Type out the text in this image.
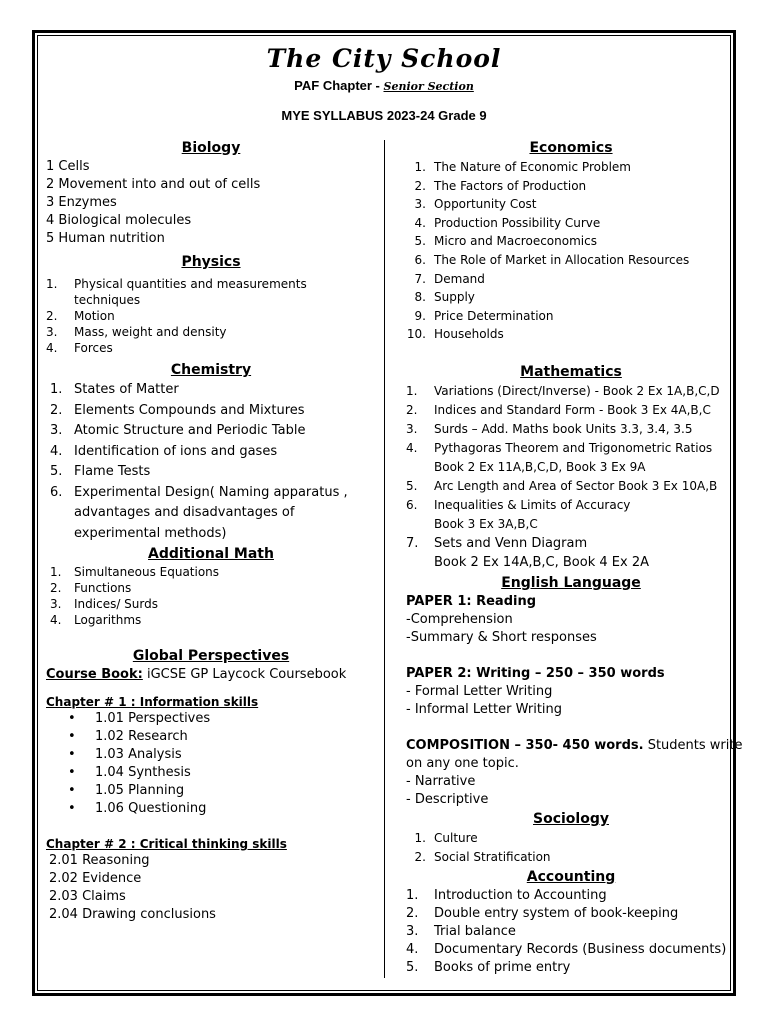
The City School
PAF Chapter - Senior Section
MYE SYLLABUS 2023-24 Grade 9
Biology
1 Cells
2 Movement into and out of cells
3 Enzymes
4 Biological molecules
5 Human nutrition
Physics
1.	Physical quantities and measurements techniques
2.	Motion
3.	Mass, weight and density
4.	Forces
Chemistry
1. States of Matter
2. Elements Compounds and Mixtures
3. Atomic Structure and Periodic Table
4. Identification of ions and gases
5. Flame Tests
6. Experimental Design( Naming apparatus , advantages and disadvantages of experimental methods)
Additional Math
1.	Simultaneous Equations
2.	Functions
3.	Indices/ Surds
4.	Logarithms
Global Perspectives
Course Book: iGCSE GP Laycock Coursebook
Chapter # 1 : Information skills
•	1.01 Perspectives
•	1.02 Research
•	1.03 Analysis
•	1.04 Synthesis
•	1.05 Planning
•	1.06 Questioning
Chapter # 2 : Critical thinking skills
2.01 Reasoning
2.02 Evidence
2.03 Claims
2.04 Drawing conclusions
Economics
1. The Nature of Economic Problem
2. The Factors of Production
3. Opportunity Cost
4. Production Possibility Curve
5. Micro and Macroeconomics
6. The Role of Market in Allocation Resources
7. Demand
8. Supply
9. Price Determination
10. Households
Mathematics
1.	Variations (Direct/Inverse) - Book 2 Ex 1A,B,C,D
2.	Indices and Standard Form - Book 3 Ex 4A,B,C
3.	Surds – Add. Maths book Units 3.3, 3.4, 3.5
4.	Pythagoras Theorem and Trigonometric Ratios
Book 2 Ex 11A,B,C,D, Book 3 Ex 9A
5.	Arc Length and Area of Sector Book 3 Ex 10A,B
6.	Inequalities & Limits of Accuracy
Book 3 Ex 3A,B,C
7.	Sets and Venn Diagram
Book 2 Ex 14A,B,C, Book 4 Ex 2A
English Language
PAPER 1: Reading
-Comprehension
-Summary & Short responses
PAPER 2: Writing – 250 – 350 words
- Formal Letter Writing
- Informal Letter Writing
COMPOSITION – 350- 450 words. Students write
on any one topic.
- Narrative
- Descriptive
Sociology
1. Culture
2. Social Stratification
Accounting
1.	Introduction to Accounting
2.	Double entry system of book-keeping
3.	Trial balance
4.	Documentary Records (Business documents)
5.	Books of prime entry
